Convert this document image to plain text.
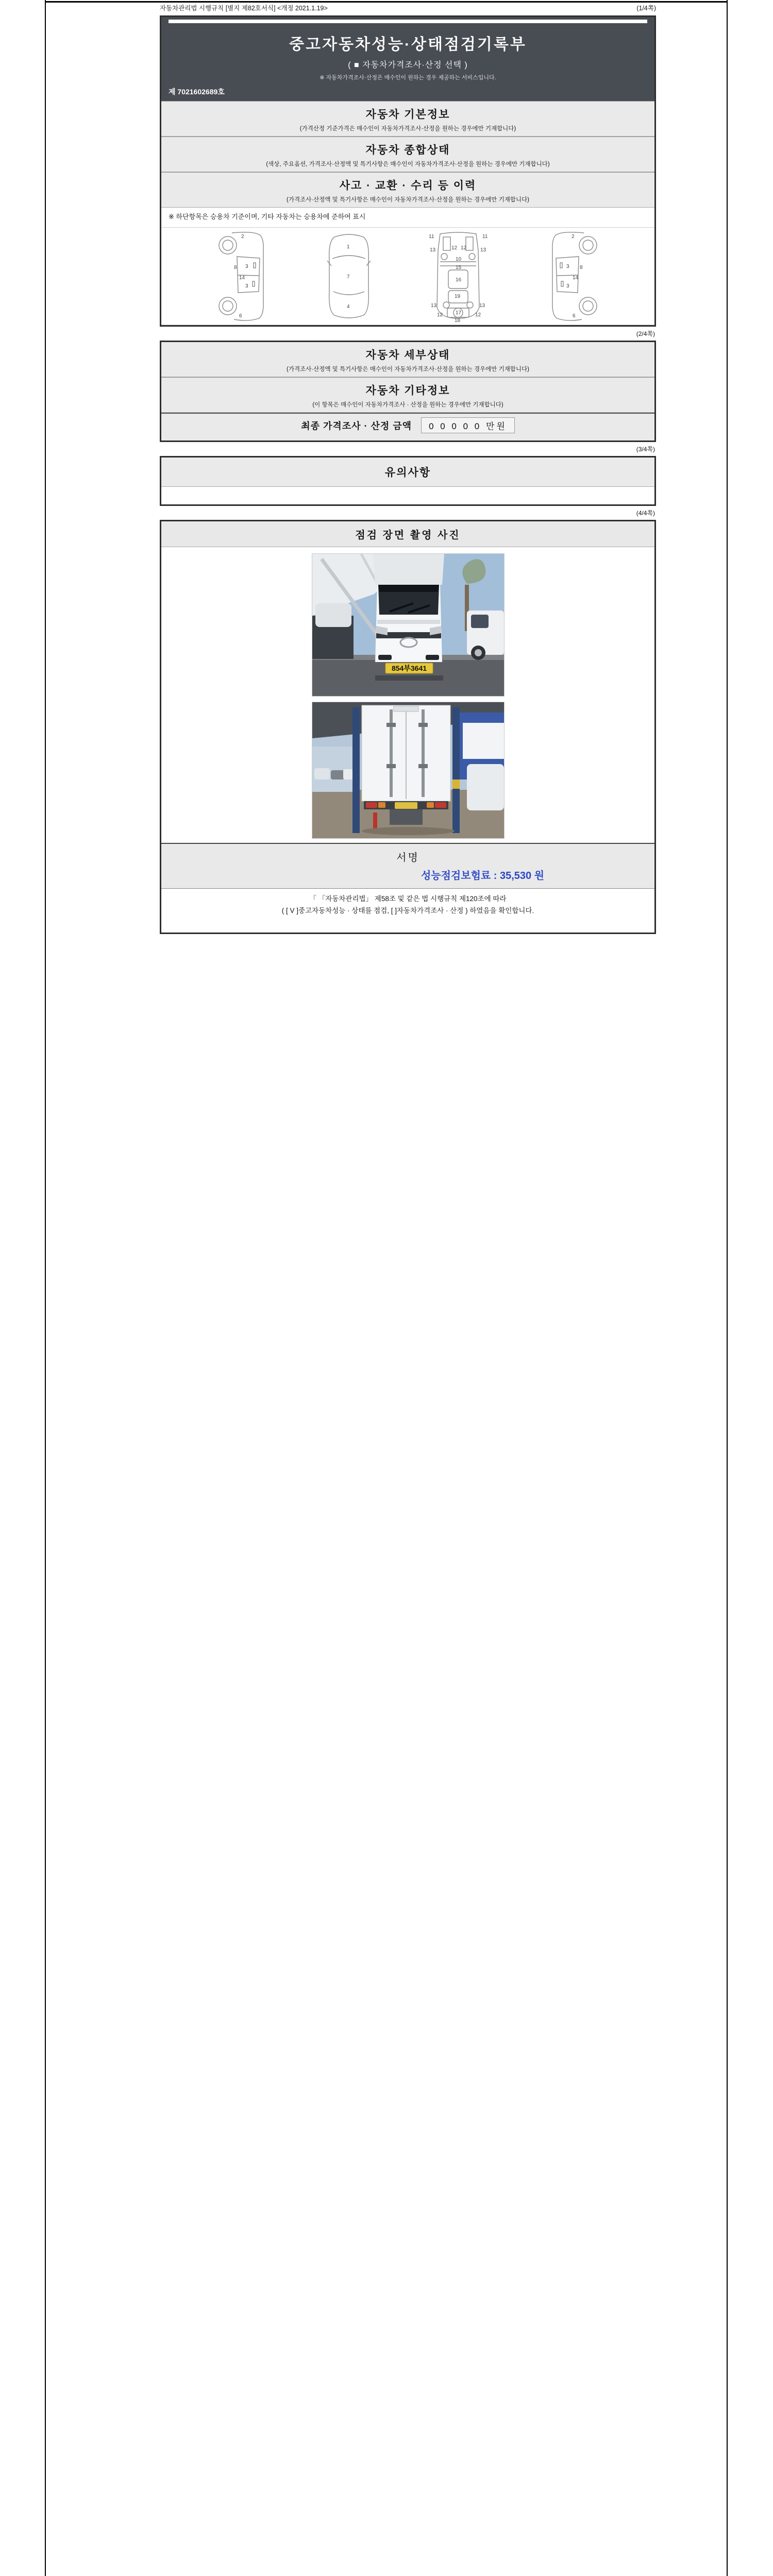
자동차관리법 시행규칙 [별지 제82호서식] <개정 2021.1.19>	(1/4쪽)
중고자동차성능·상태점검기록부
( ■ 자동차가격조사·산정 선택 )
※ 자동차가격조사·산정은 매수인이 원하는 경우 제공하는 서비스입니다.
제 7021602689호
자동차 기본정보
(가격산정 기준가격은 매수인이 자동차가격조사·산정을 원하는 경우에만 기재합니다)
자동차 종합상태
(색상, 주요옵션, 가격조사·산정액 및 특기사항은 매수인이 자동차가격조사·산정을 원하는 경우에만 기재합니다)
사고 · 교환 · 수리 등 이력
(가격조사·산정액 및 특기사항은 매수인이 자동차가격조사·산정을 원하는 경우에만 기재합니다)
※ 하단항목은 승용차 기준이며, 기타 자동차는 승용차에 준하여 표시
2
8 3
14
3
6
1
7
4
11	11
13	13
12 12
10
15
16
19
13	13
17
12	12
18
2
3 8
14
3
6
(2/4쪽)
자동차 세부상태
(가격조사·산정액 및 특기사항은 매수인이 자동차가격조사·산정을 원하는 경우에만 기재합니다)
자동차 기타정보
(이 항목은 매수인이 자동차가격조사 · 산정을 원하는 경우에만 기재합니다)
최종 가격조사 · 산정 금액	0 0 0 0 0 만원
(3/4쪽)
유의사항
(4/4쪽)
점검 장면 촬영 사진
854부3641
서명
성능점검보험료 : 35,530 원
「 「자동차관리법」 제58조 및 같은 법 시행규칙 제120조에 따라
( [ V ]중고자동차성능 · 상태를 점검, [ ]자동차가격조사 · 산정 ) 하였음을 확인합니다.
